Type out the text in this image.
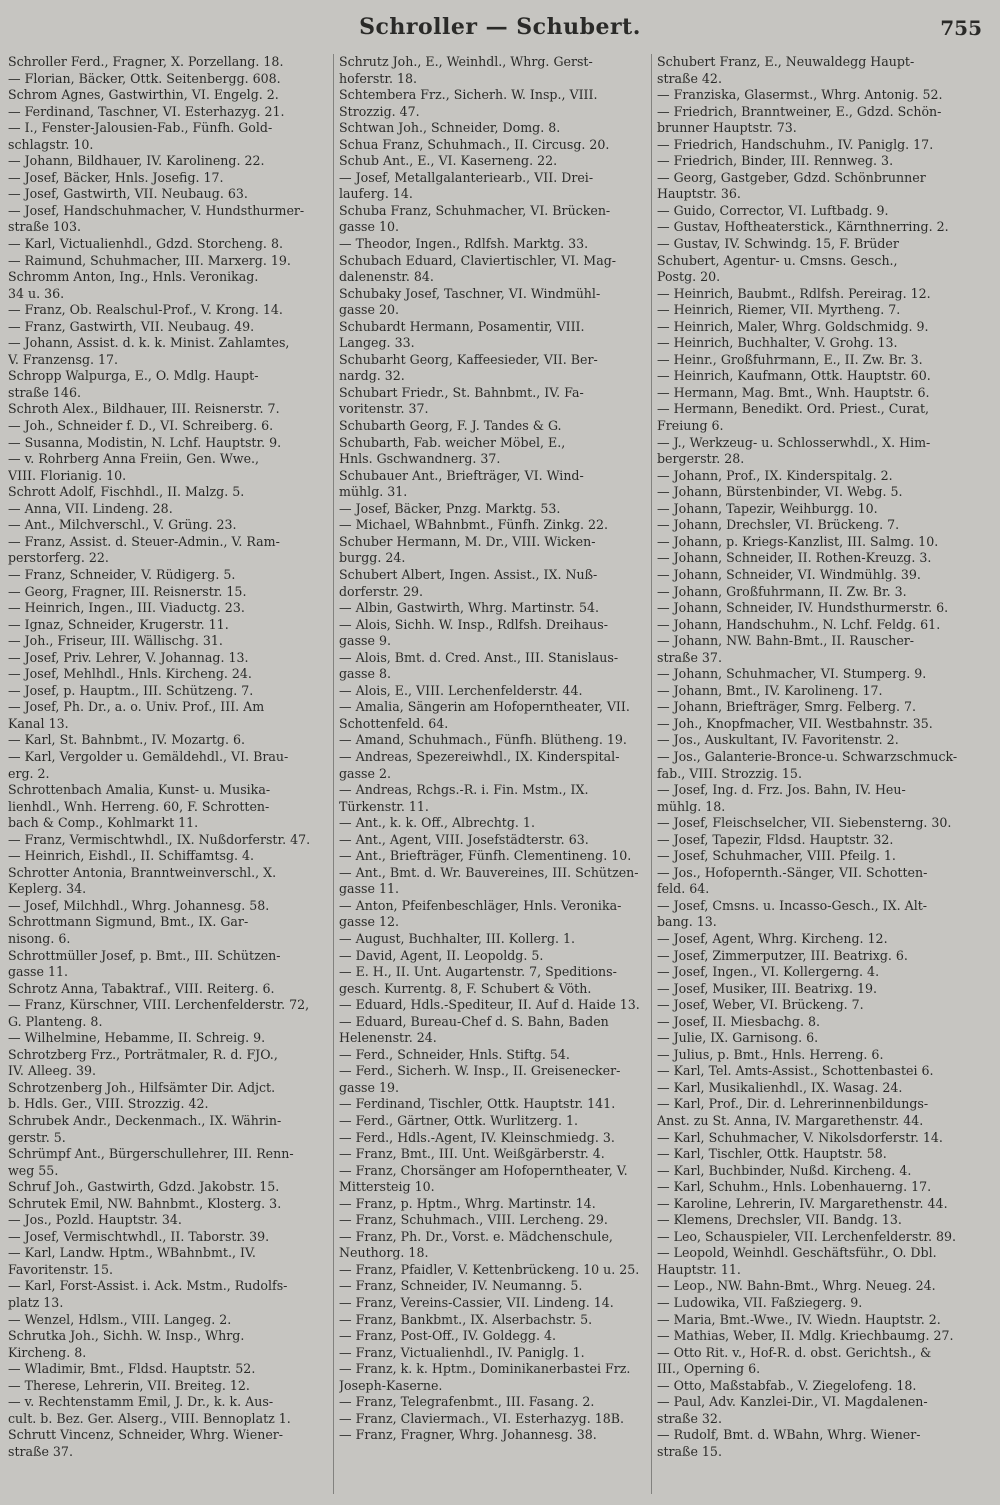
Schroller — Schubert.	755
Schroller Ferd., Fragner, X. Porzellang. 18.
— Florian, Bäcker, Ottk. Seitenbergg. 608.
Schrom Agnes, Gastwirthin, VI. Engelg. 2.
— Ferdinand, Taschner, VI. Esterhazyg. 21.
— I., Fenster-Jalousien-Fab., Fünfh. Gold-
schlagstr. 10.
— Johann, Bildhauer, IV. Karolineng. 22.
— Josef, Bäcker, Hnls. Josefig. 17.
— Josef, Gastwirth, VII. Neubaug. 63.
— Josef, Handschuhmacher, V. Hundsthurmer-
straße 103.
— Karl, Victualienhdl., Gdzd. Storcheng. 8.
— Raimund, Schuhmacher, III. Marxerg. 19.
Schromm Anton, Ing., Hnls. Veronikag.
34 u. 36.
— Franz, Ob. Realschul-Prof., V. Krong. 14.
— Franz, Gastwirth, VII. Neubaug. 49.
— Johann, Assist. d. k. k. Minist. Zahlamtes,
V. Franzensg. 17.
Schropp Walpurga, E., O. Mdlg. Haupt-
straße 146.
Schroth Alex., Bildhauer, III. Reisnerstr. 7.
— Joh., Schneider f. D., VI. Schreiberg. 6.
— Susanna, Modistin, N. Lchf. Hauptstr. 9.
— v. Rohrberg Anna Freiin, Gen. Wwe.,
VIII. Florianig. 10.
Schrott Adolf, Fischhdl., II. Malzg. 5.
— Anna, VII. Lindeng. 28.
— Ant., Milchverschl., V. Grüng. 23.
— Franz, Assist. d. Steuer-Admin., V. Ram-
perstorferg. 22.
— Franz, Schneider, V. Rüdigerg. 5.
— Georg, Fragner, III. Reisnerstr. 15.
— Heinrich, Ingen., III. Viaductg. 23.
— Ignaz, Schneider, Krugerstr. 11.
— Joh., Friseur, III. Wällischg. 31.
— Josef, Priv. Lehrer, V. Johannag. 13.
— Josef, Mehlhdl., Hnls. Kircheng. 24.
— Josef, p. Hauptm., III. Schützeng. 7.
— Josef, Ph. Dr., a. o. Univ. Prof., III. Am
Kanal 13.
— Karl, St. Bahnbmt., IV. Mozartg. 6.
— Karl, Vergolder u. Gemäldehdl., VI. Brau-
erg. 2.
Schrottenbach Amalia, Kunst- u. Musika-
lienhdl., Wnh. Herreng. 60, F. Schrotten-
bach & Comp., Kohlmarkt 11.
— Franz, Vermischtwhdl., IX. Nußdorferstr. 47.
— Heinrich, Eishdl., II. Schiffamtsg. 4.
Schrotter Antonia, Branntweinverschl., X.
Keplerg. 34.
— Josef, Milchhdl., Whrg. Johannesg. 58.
Schrottmann Sigmund, Bmt., IX. Gar-
nisong. 6.
Schrottmüller Josef, p. Bmt., III. Schützen-
gasse 11.
Schrotz Anna, Tabaktraf., VIII. Reiterg. 6.
— Franz, Kürschner, VIII. Lerchenfelderstr. 72,
G. Planteng. 8.
— Wilhelmine, Hebamme, II. Schreig. 9.
Schrotzberg Frz., Porträtmaler, R. d. FJO.,
IV. Alleeg. 39.
Schrotzenberg Joh., Hilfsämter Dir. Adjct.
b. Hdls. Ger., VIII. Strozzig. 42.
Schrubek Andr., Deckenmach., IX. Währin-
gerstr. 5.
Schrümpf Ant., Bürgerschullehrer, III. Renn-
weg 55.
Schruf Joh., Gastwirth, Gdzd. Jakobstr. 15.
Schrutek Emil, NW. Bahnbmt., Klosterg. 3.
— Jos., Pozld. Hauptstr. 34.
— Josef, Vermischtwhdl., II. Taborstr. 39.
— Karl, Landw. Hptm., WBahnbmt., IV.
Favoritenstr. 15.
— Karl, Forst-Assist. i. Ack. Mstm., Rudolfs-
platz 13.
— Wenzel, Hdlsm., VIII. Langeg. 2.
Schrutka Joh., Sichh. W. Insp., Whrg.
Kircheng. 8.
— Wladimir, Bmt., Fldsd. Hauptstr. 52.
— Therese, Lehrerin, VII. Breiteg. 12.
— v. Rechtenstamm Emil, J. Dr., k. k. Aus-
cult. b. Bez. Ger. Alserg., VIII. Bennoplatz 1.
Schrutt Vincenz, Schneider, Whrg. Wiener-
straße 37.
Schrutz Joh., E., Weinhdl., Whrg. Gerst-
hoferstr. 18.
Schtembera Frz., Sicherh. W. Insp., VIII.
Strozzig. 47.
Schtwan Joh., Schneider, Domg. 8.
Schua Franz, Schuhmach., II. Circusg. 20.
Schub Ant., E., VI. Kaserneng. 22.
— Josef, Metallgalanteriearb., VII. Drei-
lauferg. 14.
Schuba Franz, Schuhmacher, VI. Brücken-
gasse 10.
— Theodor, Ingen., Rdlfsh. Marktg. 33.
Schubach Eduard, Claviertischler, VI. Mag-
dalenenstr. 84.
Schubaky Josef, Taschner, VI. Windmühl-
gasse 20.
Schubardt Hermann, Posamentir, VIII.
Langeg. 33.
Schubarht Georg, Kaffeesieder, VII. Ber-
nardg. 32.
Schubart Friedr., St. Bahnbmt., IV. Fa-
voritenstr. 37.
Schubarth Georg, F. J. Tandes & G.
Schubarth, Fab. weicher Möbel, E.,
Hnls. Gschwandnerg. 37.
Schubauer Ant., Briefträger, VI. Wind-
mühlg. 31.
— Josef, Bäcker, Pnzg. Marktg. 53.
— Michael, WBahnbmt., Fünfh. Zinkg. 22.
Schuber Hermann, M. Dr., VIII. Wicken-
burgg. 24.
Schubert Albert, Ingen. Assist., IX. Nuß-
dorferstr. 29.
— Albin, Gastwirth, Whrg. Martinstr. 54.
— Alois, Sichh. W. Insp., Rdlfsh. Dreihaus-
gasse 9.
— Alois, Bmt. d. Cred. Anst., III. Stanislaus-
gasse 8.
— Alois, E., VIII. Lerchenfelderstr. 44.
— Amalia, Sängerin am Hofoperntheater, VII.
Schottenfeld. 64.
— Amand, Schuhmach., Fünfh. Blütheng. 19.
— Andreas, Spezereiwhdl., IX. Kinderspital-
gasse 2.
— Andreas, Rchgs.-R. i. Fin. Mstm., IX.
Türkenstr. 11.
— Ant., k. k. Off., Albrechtg. 1.
— Ant., Agent, VIII. Josefstädterstr. 63.
— Ant., Briefträger, Fünfh. Clementineng. 10.
— Ant., Bmt. d. Wr. Bauvereines, III. Schützen-
gasse 11.
— Anton, Pfeifenbeschläger, Hnls. Veronika-
gasse 12.
— August, Buchhalter, III. Kollerg. 1.
— David, Agent, II. Leopoldg. 5.
— E. H., II. Unt. Augartenstr. 7, Speditions-
gesch. Kurrentg. 8, F. Schubert & Vöth.
— Eduard, Hdls.-Spediteur, II. Auf d. Haide 13.
— Eduard, Bureau-Chef d. S. Bahn, Baden
Helenenstr. 24.
— Ferd., Schneider, Hnls. Stiftg. 54.
— Ferd., Sicherh. W. Insp., II. Greisenecker-
gasse 19.
— Ferdinand, Tischler, Ottk. Hauptstr. 141.
— Ferd., Gärtner, Ottk. Wurlitzerg. 1.
— Ferd., Hdls.-Agent, IV. Kleinschmiedg. 3.
— Franz, Bmt., III. Unt. Weißgärberstr. 4.
— Franz, Chorsänger am Hofoperntheater, V.
Mittersteig 10.
— Franz, p. Hptm., Whrg. Martinstr. 14.
— Franz, Schuhmach., VIII. Lercheng. 29.
— Franz, Ph. Dr., Vorst. e. Mädchenschule,
Neuthorg. 18.
— Franz, Pfaidler, V. Kettenbrückeng. 10 u. 25.
— Franz, Schneider, IV. Neumanng. 5.
— Franz, Vereins-Cassier, VII. Lindeng. 14.
— Franz, Bankbmt., IX. Alserbachstr. 5.
— Franz, Post-Off., IV. Goldegg. 4.
— Franz, Victualienhdl., IV. Paniglg. 1.
— Franz, k. k. Hptm., Dominikanerbastei Frz.
Joseph-Kaserne.
— Franz, Telegrafenbmt., III. Fasang. 2.
— Franz, Claviermach., VI. Esterhazyg. 18B.
— Franz, Fragner, Whrg. Johannesg. 38.
Schubert Franz, E., Neuwaldegg Haupt-
straße 42.
— Franziska, Glasermst., Whrg. Antonig. 52.
— Friedrich, Branntweiner, E., Gdzd. Schön-
brunner Hauptstr. 73.
— Friedrich, Handschuhm., IV. Paniglg. 17.
— Friedrich, Binder, III. Rennweg. 3.
— Georg, Gastgeber, Gdzd. Schönbrunner
Hauptstr. 36.
— Guido, Corrector, VI. Luftbadg. 9.
— Gustav, Hoftheaterstick., Kärnthnerring. 2.
— Gustav, IV. Schwindg. 15, F. Brüder
Schubert, Agentur- u. Cmsns. Gesch.,
Postg. 20.
— Heinrich, Baubmt., Rdlfsh. Pereirag. 12.
— Heinrich, Riemer, VII. Myrtheng. 7.
— Heinrich, Maler, Whrg. Goldschmidg. 9.
— Heinrich, Buchhalter, V. Grohg. 13.
— Heinr., Großfuhrmann, E., II. Zw. Br. 3.
— Heinrich, Kaufmann, Ottk. Hauptstr. 60.
— Hermann, Mag. Bmt., Wnh. Hauptstr. 6.
— Hermann, Benedikt. Ord. Priest., Curat,
Freiung 6.
— J., Werkzeug- u. Schlosserwhdl., X. Him-
bergerstr. 28.
— Johann, Prof., IX. Kinderspitalg. 2.
— Johann, Bürstenbinder, VI. Webg. 5.
— Johann, Tapezir, Weihburgg. 10.
— Johann, Drechsler, VI. Brückeng. 7.
— Johann, p. Kriegs-Kanzlist, III. Salmg. 10.
— Johann, Schneider, II. Rothen-Kreuzg. 3.
— Johann, Schneider, VI. Windmühlg. 39.
— Johann, Großfuhrmann, II. Zw. Br. 3.
— Johann, Schneider, IV. Hundsthurmerstr. 6.
— Johann, Handschuhm., N. Lchf. Feldg. 61.
— Johann, NW. Bahn-Bmt., II. Rauscher-
straße 37.
— Johann, Schuhmacher, VI. Stumperg. 9.
— Johann, Bmt., IV. Karolineng. 17.
— Johann, Briefträger, Smrg. Felberg. 7.
— Joh., Knopfmacher, VII. Westbahnstr. 35.
— Jos., Auskultant, IV. Favoritenstr. 2.
— Jos., Galanterie-Bronce-u. Schwarzschmuck-
fab., VIII. Strozzig. 15.
— Josef, Ing. d. Frz. Jos. Bahn, IV. Heu-
mühlg. 18.
— Josef, Fleischselcher, VII. Siebensterng. 30.
— Josef, Tapezir, Fldsd. Hauptstr. 32.
— Josef, Schuhmacher, VIII. Pfeilg. 1.
— Jos., Hofopernth.-Sänger, VII. Schotten-
feld. 64.
— Josef, Cmsns. u. Incasso-Gesch., IX. Alt-
bang. 13.
— Josef, Agent, Whrg. Kircheng. 12.
— Josef, Zimmerputzer, III. Beatrixg. 6.
— Josef, Ingen., VI. Kollergerng. 4.
— Josef, Musiker, III. Beatrixg. 19.
— Josef, Weber, VI. Brückeng. 7.
— Josef, II. Miesbachg. 8.
— Julie, IX. Garnisong. 6.
— Julius, p. Bmt., Hnls. Herreng. 6.
— Karl, Tel. Amts-Assist., Schottenbastei 6.
— Karl, Musikalienhdl., IX. Wasag. 24.
— Karl, Prof., Dir. d. Lehrerinnenbildungs-
Anst. zu St. Anna, IV. Margarethenstr. 44.
— Karl, Schuhmacher, V. Nikolsdorferstr. 14.
— Karl, Tischler, Ottk. Hauptstr. 58.
— Karl, Buchbinder, Nußd. Kircheng. 4.
— Karl, Schuhm., Hnls. Lobenhauerng. 17.
— Karoline, Lehrerin, IV. Margarethenstr. 44.
— Klemens, Drechsler, VII. Bandg. 13.
— Leo, Schauspieler, VII. Lerchenfelderstr. 89.
— Leopold, Weinhdl. Geschäftsführ., O. Dbl.
Hauptstr. 11.
— Leop., NW. Bahn-Bmt., Whrg. Neueg. 24.
— Ludowika, VII. Faßziegerg. 9.
— Maria, Bmt.-Wwe., IV. Wiedn. Hauptstr. 2.
— Mathias, Weber, II. Mdlg. Kriechbaumg. 27.
— Otto Rit. v., Hof-R. d. obst. Gerichtsh., &
III., Operning 6.
— Otto, Maßstabfab., V. Ziegelofeng. 18.
— Paul, Adv. Kanzlei-Dir., VI. Magdalenen-
straße 32.
— Rudolf, Bmt. d. WBahn, Whrg. Wiener-
straße 15.
